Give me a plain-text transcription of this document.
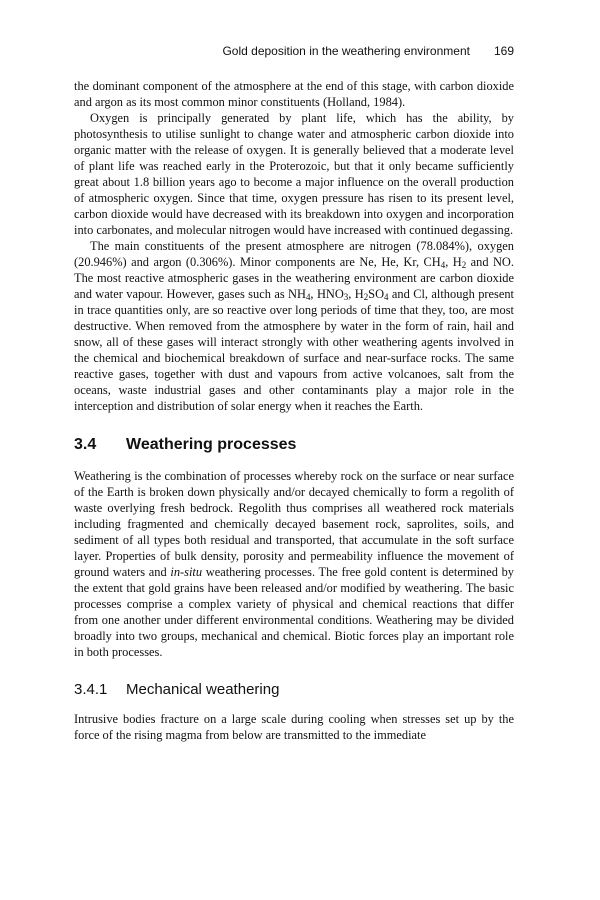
Gold deposition in the weathering environment 169

the dominant component of the atmosphere at the end of this stage, with carbon dioxide and argon as its most common minor constituents (Holland, 1984).

Oxygen is principally generated by plant life, which has the ability, by photosynthesis to utilise sunlight to change water and atmospheric carbon dioxide into organic matter with the release of oxygen. It is generally believed that a moderate level of plant life was reached early in the Proterozoic, but that it only became sufficiently great about 1.8 billion years ago to become a major influence on the overall production of atmospheric oxygen. Since that time, oxygen pressure has risen to its present level, carbon dioxide would have decreased with its breakdown into oxygen and incorporation into carbonates, and molecular nitrogen would have increased with continued degassing.

The main constituents of the present atmosphere are nitrogen (78.084%), oxygen (20.946%) and argon (0.306%). Minor components are Ne, He, Kr, $CH_4$, $H_2$ and NO. The most reactive atmospheric gases in the weathering environment are carbon dioxide and water vapour. However, gases such as $NH_4$, $HNO_3$, $H_2SO_4$ and Cl, although present in trace quantities only, are so reactive over long periods of time that they, too, are most destructive. When removed from the atmosphere by water in the form of rain, hail and snow, all of these gases will interact strongly with other weathering agents involved in the chemical and biochemical breakdown of surface and near-surface rocks. The same reactive gases, together with dust and vapours from active volcanoes, salt from the oceans, waste industrial gases and other contaminants play a major role in the interception and distribution of solar energy when it reaches the Earth.

3.4 Weathering processes

Weathering is the combination of processes whereby rock on the surface or near surface of the Earth is broken down physically and/or decayed chemically to form a regolith of waste overlying fresh bedrock. Regolith thus comprises all weathered rock materials including fragmented and chemically decayed basement rock, saprolites, soils, and sediment of all types both residual and transported, that accumulate in the soft surface layer. Properties of bulk density, porosity and permeability influence the movement of ground waters and in-situ weathering processes. The free gold content is determined by the extent that gold grains have been released and/or modified by weathering. The basic processes comprise a complex variety of physical and chemical reactions that differ from one another under different environmental conditions. Weathering may be divided broadly into two groups, mechanical and chemical. Biotic forces play an important role in both processes.

3.4.1 Mechanical weathering

Intrusive bodies fracture on a large scale during cooling when stresses set up by the force of the rising magma from below are transmitted to the immediate
